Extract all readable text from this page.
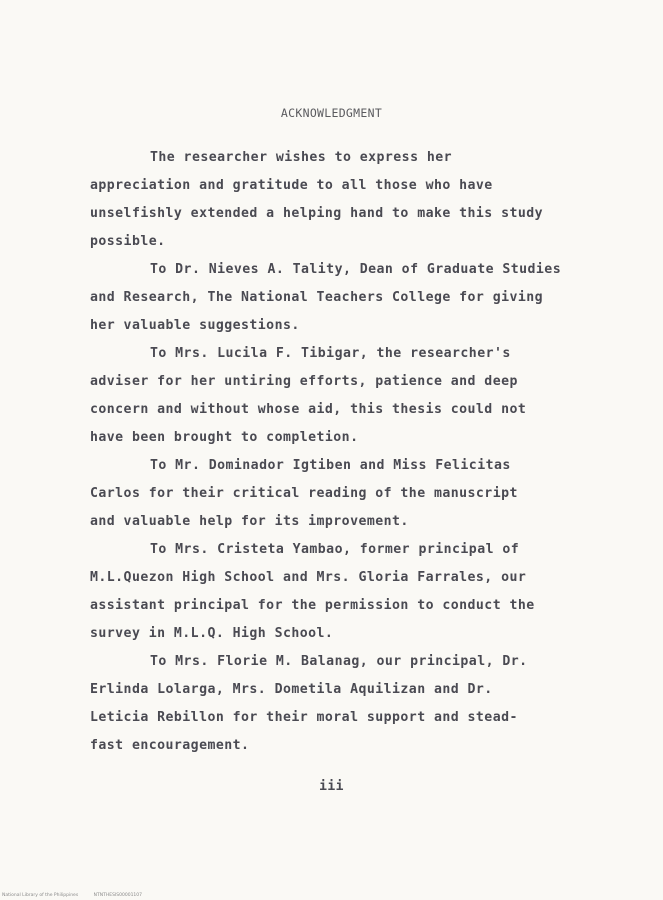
ACKNOWLEDGMENT
The researcher wishes to express her
appreciation and gratitude to all those who have
unselfishly extended a helping hand to make this study
possible.
To Dr. Nieves A. Tality, Dean of Graduate Studies
and Research, The National Teachers College for giving
her valuable suggestions.
To Mrs. Lucila F. Tibigar, the researcher's
adviser for her untiring efforts, patience and deep
concern and without whose aid, this thesis could not
have been brought to completion.
To Mr. Dominador Igtiben and Miss Felicitas
Carlos for their critical reading of the manuscript
and valuable help for its improvement.
To Mrs. Cristeta Yambao, former principal of
M.L.Quezon High School and Mrs. Gloria Farrales, our
assistant principal for the permission to conduct the
survey in M.L.Q. High School.
To Mrs. Florie M. Balanag, our principal, Dr.
Erlinda Lolarga, Mrs. Dometila Aquilizan and Dr.
Leticia Rebillon for their moral support and stead-
fast encouragement.
iii
National Library of the Philippines	NTNTHESIS00001107
